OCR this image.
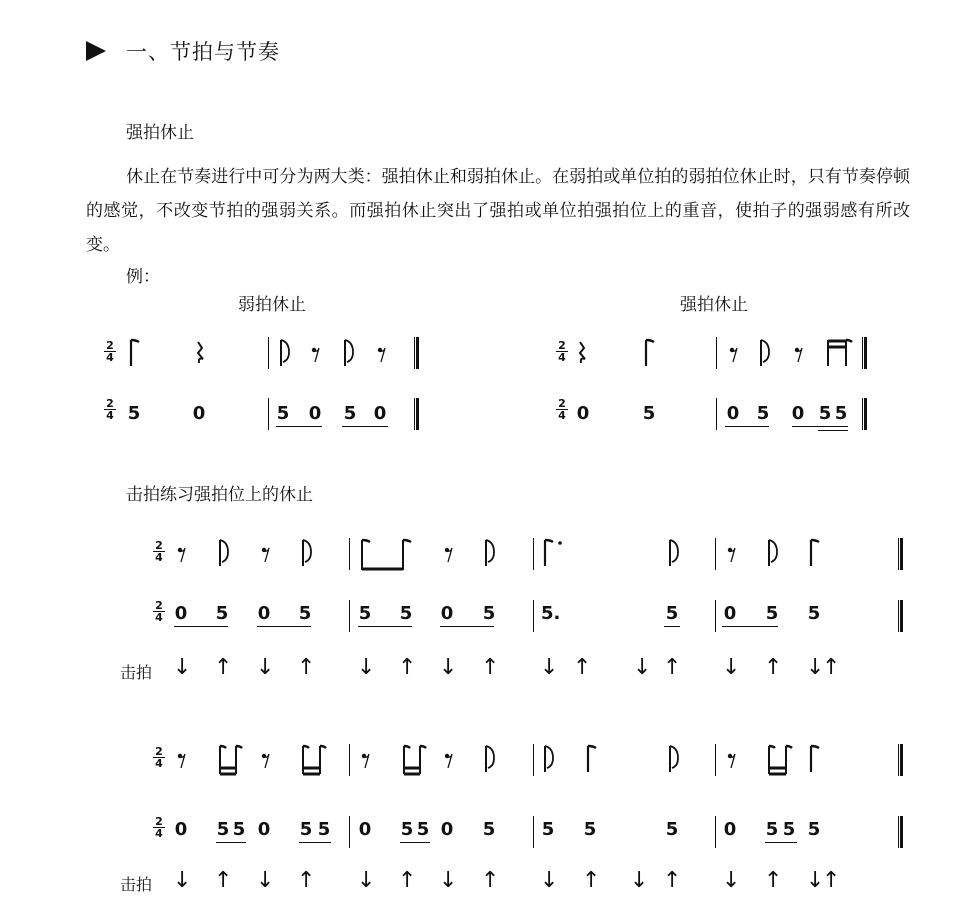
一、节拍与节奏
强拍休止
休止在节奏进行中可分为两大类：强拍休止和弱拍休止。在弱拍或单位拍的弱拍位休止时，只有节奏停顿的感觉，不改变节拍的强弱关系。而强拍休止突出了强拍或单位拍强拍位上的重音，使拍子的强弱感有所改变。
例：
弱拍休止	强拍休止
2
4
2
4
2
4
2
4
5	0	5 0 5 0	0	5	0 5 0 5 5
击拍练习强拍位上的休止
2
4
2
4 0 5 0 5	5 5 0 5	5.	5	0 5 5
击拍 ↓ ↑ ↓ ↑ ↓ ↑ ↓ ↑ ↓ ↑ ↓ ↑ ↓ ↑ ↓
↑
2
4
2
4 0 5 5 0 5 5 0 5 5 0 5	5 5	5	0 5 5 5
击拍 ↓ ↑ ↓ ↑ ↓ ↑ ↓ ↑ ↓ ↑ ↓ ↑ ↓ ↑ ↓
↑
